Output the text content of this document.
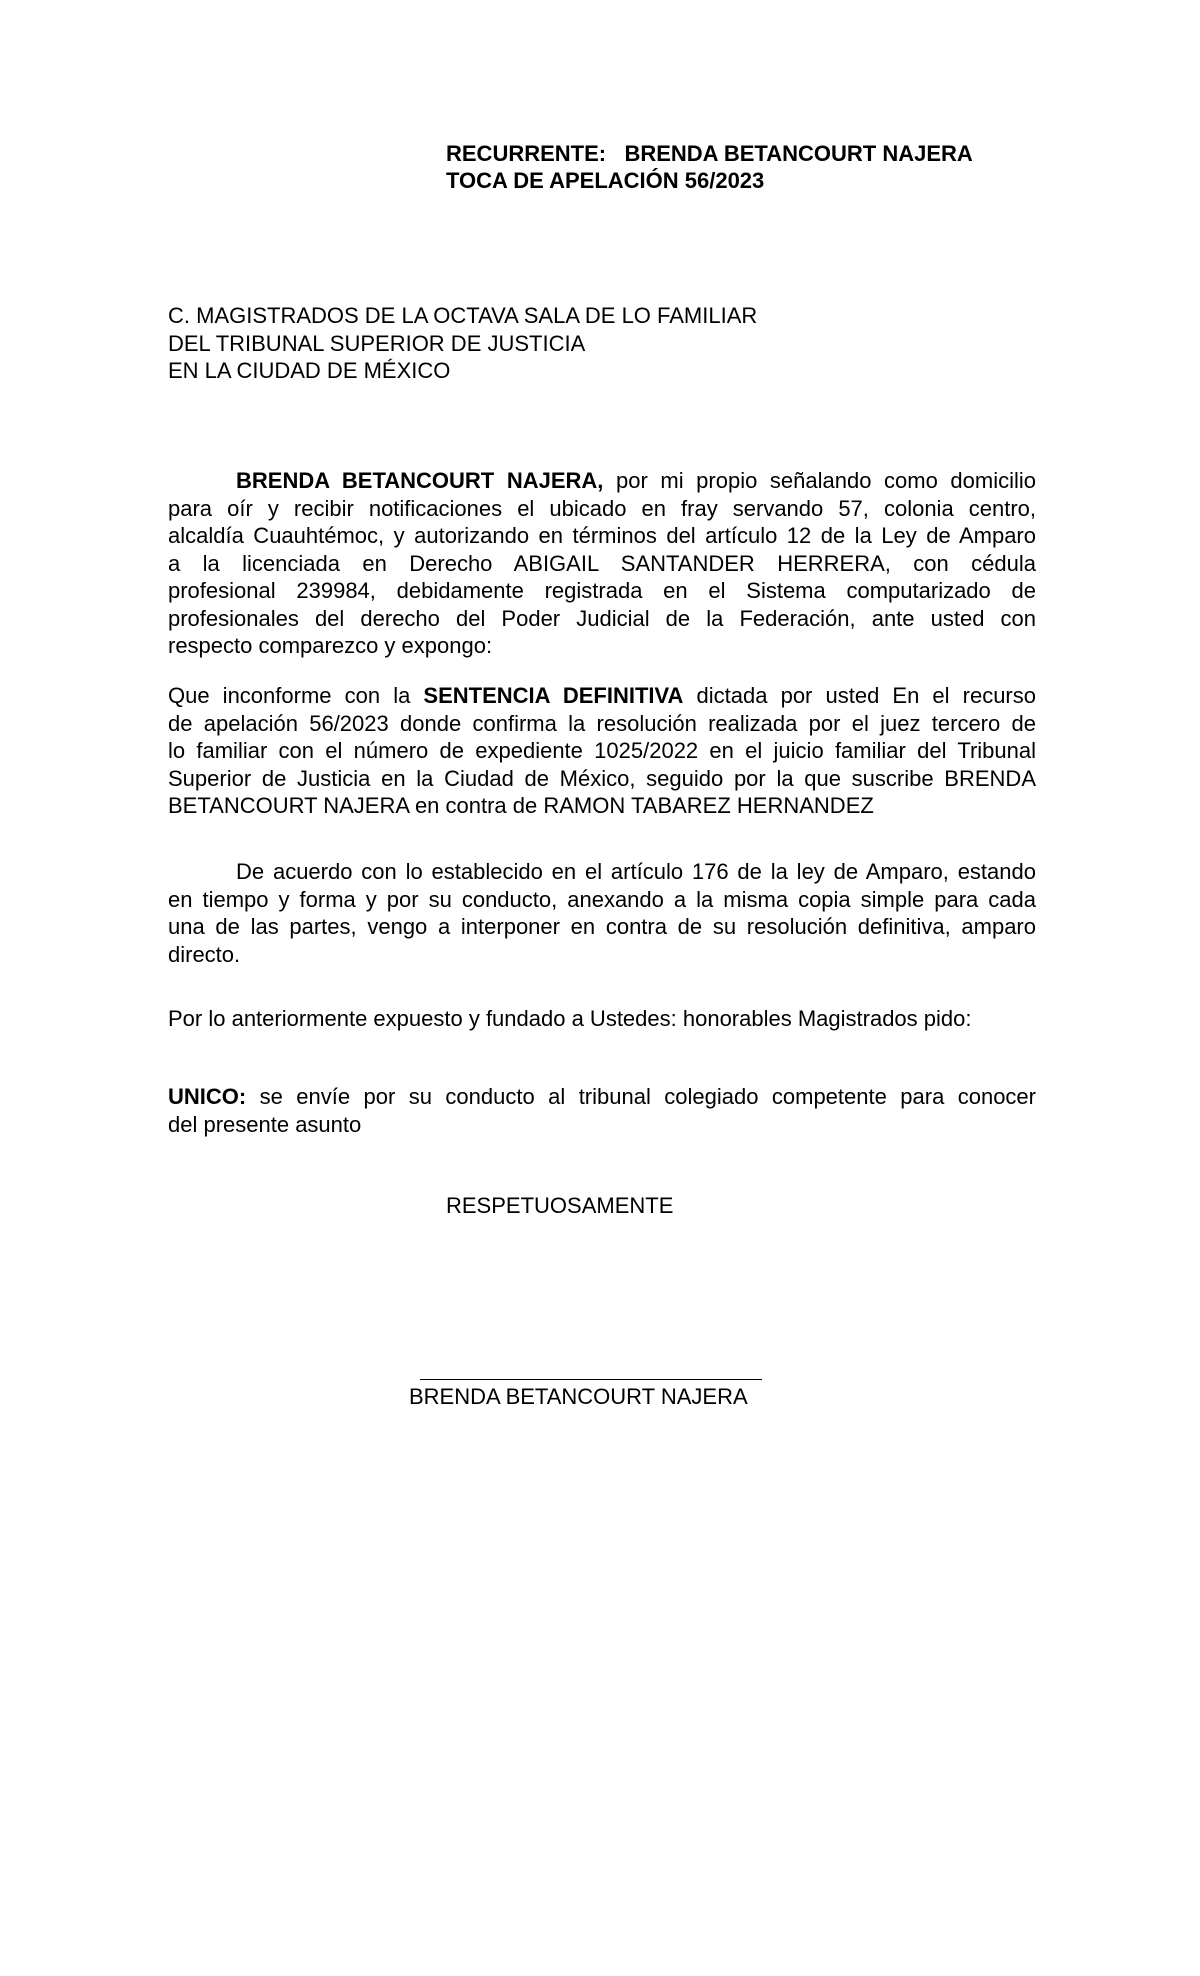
RECURRENTE:   BRENDA BETANCOURT NAJERA
TOCA DE APELACIÓN 56/2023
C. MAGISTRADOS DE LA OCTAVA SALA DE LO FAMILIAR
DEL TRIBUNAL SUPERIOR DE JUSTICIA
EN LA CIUDAD DE MÉXICO
BRENDA BETANCOURT NAJERA, por mi propio señalando como domicilio
para oír y recibir notificaciones el ubicado en fray servando 57, colonia centro,
alcaldía Cuauhtémoc, y autorizando en términos del artículo 12 de la Ley de Amparo
a la licenciada en Derecho ABIGAIL SANTANDER HERRERA, con cédula
profesional 239984, debidamente registrada en el Sistema computarizado de
profesionales del derecho del Poder Judicial de la Federación, ante usted con
respecto comparezco y expongo:
Que inconforme con la SENTENCIA DEFINITIVA dictada por usted En el recurso
de apelación 56/2023 donde confirma la resolución realizada por el juez tercero de
lo familiar con el número de expediente 1025/2022 en el juicio familiar del Tribunal
Superior de Justicia en la Ciudad de México, seguido por la que suscribe BRENDA
BETANCOURT NAJERA en contra de RAMON TABAREZ HERNANDEZ
De acuerdo con lo establecido en el artículo 176 de la ley de Amparo, estando
en tiempo y forma y por su conducto, anexando a la misma copia simple para cada
una de las partes, vengo a interponer en contra de su resolución definitiva, amparo
directo.
Por lo anteriormente expuesto y fundado a Ustedes: honorables Magistrados pido:
UNICO: se envíe por su conducto al tribunal colegiado competente para conocer
del presente asunto
RESPETUOSAMENTE
BRENDA BETANCOURT NAJERA
